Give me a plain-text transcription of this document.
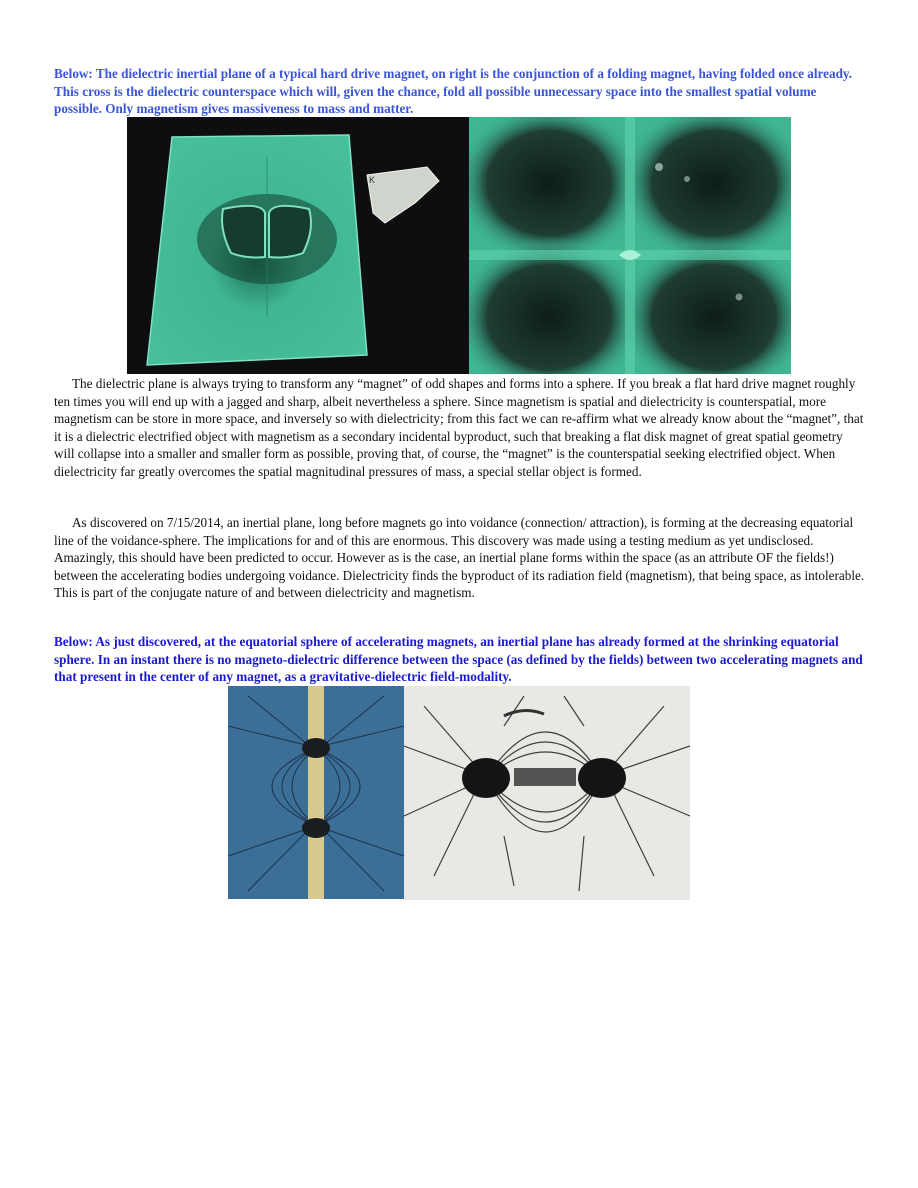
Below: The dielectric inertial plane of a typical hard drive magnet, on right is the conjunction of a folding magnet, having folded once already. This cross is the dielectric counterspace which will, given the chance, fold all possible unnecessary space into the smallest spatial volume possible. Only magnetism gives massiveness to mass and matter.

K

The dielectric plane is always trying to transform any “magnet” of odd shapes and forms into a sphere. If you break a flat hard drive magnet roughly ten times you will end up with a jagged and sharp, albeit nevertheless a sphere. Since magnetism is spatial and dielectricity is counterspatial, more magnetism can be store in more space, and inversely so with dielectricity; from this fact we can re-affirm what we already know about the “magnet”, that it is a dielectric electrified object with magnetism as a secondary incidental byproduct, such that breaking a flat disk magnet of great spatial geometry will collapse into a smaller and smaller form as possible, proving that, of course, the “magnet” is the counterspatial seeking electrified object. When dielectricity far greatly overcomes the spatial magnitudinal pressures of mass, a special stellar object is formed.

As discovered on 7/15/2014, an inertial plane, long before magnets go into voidance (connection/ attraction), is forming at the decreasing equatorial line of the voidance-sphere. The implications for and of this are enormous. This discovery was made using a testing medium as yet undisclosed. Amazingly, this should have been predicted to occur. However as is the case, an inertial plane forms within the space (as an attribute OF the fields!) between the accelerating bodies undergoing voidance. Dielectricity finds the byproduct of its radiation field (magnetism), that being space, as intolerable. This is part of the conjugate nature of and between dielectricity and magnetism.

Below: As just discovered, at the equatorial sphere of accelerating magnets, an inertial plane has already formed at the shrinking equatorial sphere. In an instant there is no magneto-dielectric difference between the space (as defined by the fields) between two accelerating magnets and that present in the center of any magnet, as a gravitative-dielectric field-modality.
